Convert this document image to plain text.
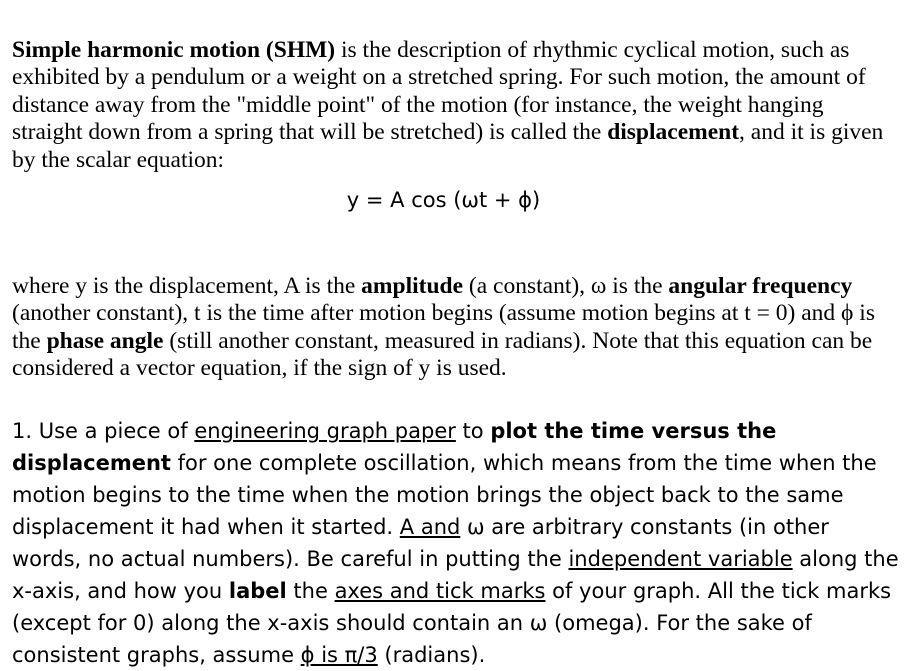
Simple harmonic motion (SHM) is the description of rhythmic cyclical motion, such as exhibited by a pendulum or a weight on a stretched spring. For such motion, the amount of distance away from the "middle point" of the motion (for instance, the weight hanging straight down from a spring that will be stretched) is called the displacement, and it is given by the scalar equation:

y = A cos (ωt + ϕ)

where y is the displacement, A is the amplitude (a constant), ω is the angular frequency (another constant), t is the time after motion begins (assume motion begins at t = 0) and ϕ is the phase angle (still another constant, measured in radians). Note that this equation can be considered a vector equation, if the sign of y is used.

1. Use a piece of engineering graph paper to plot the time versus the displacement for one complete oscillation, which means from the time when the motion begins to the time when the motion brings the object back to the same displacement it had when it started. A and ω are arbitrary constants (in other words, no actual numbers). Be careful in putting the independent variable along the x-axis, and how you label the axes and tick marks of your graph. All the tick marks (except for 0) along the x-axis should contain an ω (omega). For the sake of consistent graphs, assume ϕ is π/3 (radians).
